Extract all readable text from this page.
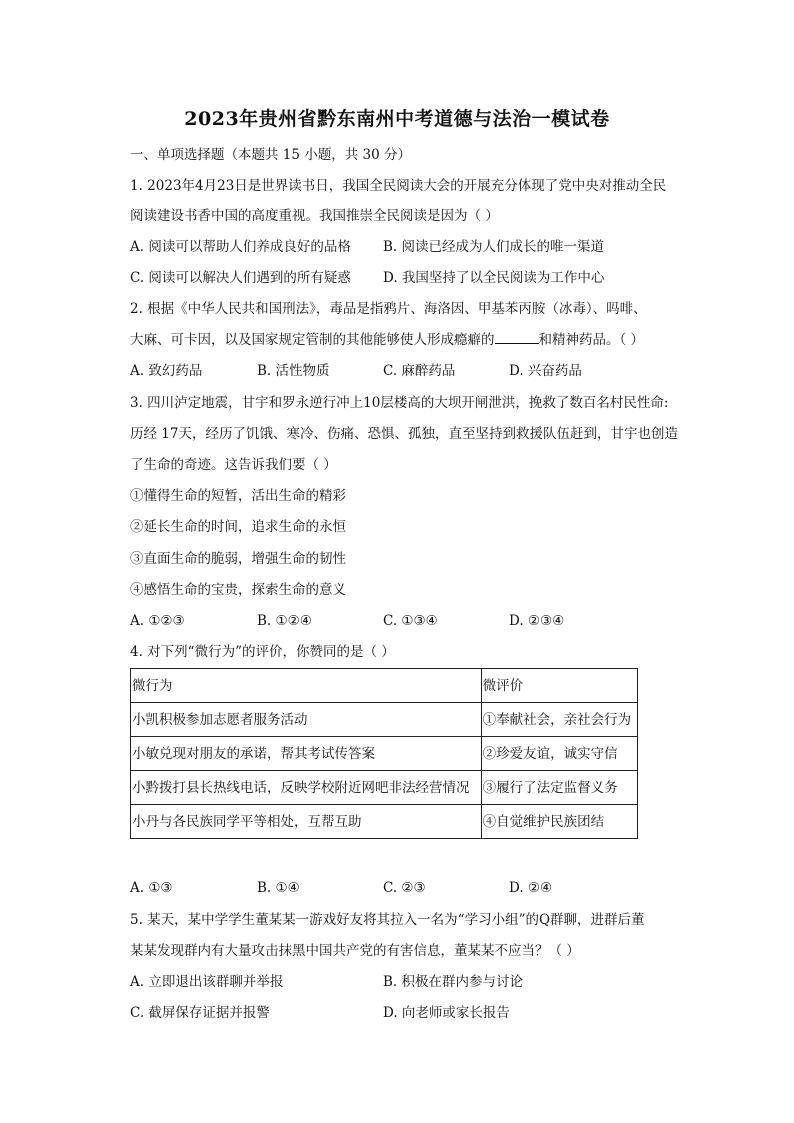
2023年贵州省黔东南州中考道德与法治一模试卷
一、单项选择题（本题共 15 小题，共 30 分）
1. 2023年4月23日是世界读书日，我国全民阅读大会的开展充分体现了党中央对推动全民
阅读建设书香中国的高度重视。我国推崇全民阅读是因为（ ）
A. 阅读可以帮助人们养成良好的品格 B. 阅读已经成为人们成长的唯一渠道
C. 阅读可以解决人们遇到的所有疑惑 D. 我国坚持了以全民阅读为工作中心
2. 根据《中华人民共和国刑法》，毒品是指鸦片、海洛因、甲基苯丙胺（冰毒）、吗啡、
大麻、可卡因，以及国家规定管制的其他能够使人形成瘾癖的	和精神药品。（ ）
A. 致幻药品	B. 活性物质	C. 麻醉药品	D. 兴奋药品
3. 四川泸定地震，甘宇和罗永逆行冲上10层楼高的大坝开闸泄洪，挽救了数百名村民性命:
历经 17天，经历了饥饿、寒冷、伤痛、恐惧、孤独，直至坚持到救援队伍赶到，甘宇也创造
了生命的奇迹。这告诉我们要（ ）
①懂得生命的短暂，活出生命的精彩
②延长生命的时间，追求生命的永恒
③直面生命的脆弱，增强生命的韧性
④感悟生命的宝贵，探索生命的意义
A. ①②③	B. ①②④	C. ①③④	D. ②③④
4. 对下列“微行为”的评价，你赞同的是（ ）
微行为	微评价
小凯积极参加志愿者服务活动	①奉献社会，亲社会行为
小敏兑现对朋友的承诺，帮其考试传答案	②珍爱友谊，诚实守信
小黔拨打县长热线电话，反映学校附近网吧非法经营情况	③履行了法定监督义务
小丹与各民族同学平等相处，互帮互助	④自觉维护民族团结
A. ①③	B. ①④	C. ②③	D. ②④
5. 某天，某中学学生董某某一游戏好友将其拉入一名为“学习小组”的Q群聊，进群后董
某某发现群内有大量攻击抹黑中国共产党的有害信息，董某某不应当？（ ）
A. 立即退出该群聊并举报	B. 积极在群内参与讨论
C. 截屏保存证据并报警	D. 向老师或家长报告
